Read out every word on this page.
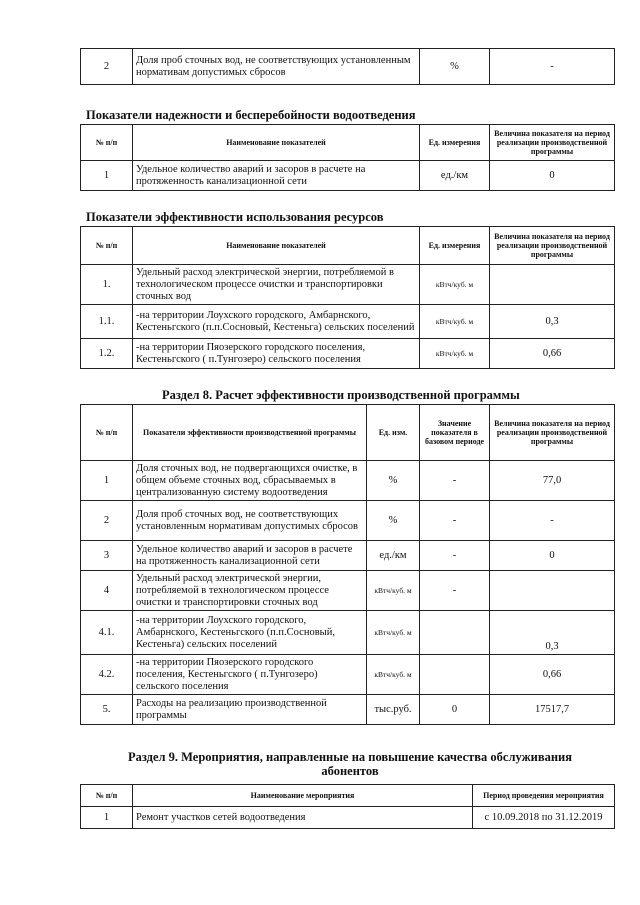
2	Доля проб сточных вод, не соответствующих установленным нормативам допустимых сбросов	%	-
Показатели надежности и бесперебойности водоотведения
№ п/п	Наименование показателей	Ед. измерения	Величина показателя на период реализации производственной программы
1	Удельное количество аварий и засоров в расчете на протяженность канализационной сети	ед./км	0
Показатели эффективности использования ресурсов
№ п/п	Наименование показателей	Ед. измерения	Величина показателя на период реализации производственной программы
1.	Удельный расход электрической энергии, потребляемой в технологическом процессе очистки и транспортировки сточных вод	кВтч/куб. м	
1.1.	-на территории Лоухского городского, Амбарнского, Кестеньгского (п.п.Сосновый, Кестеньга) сельских поселений	кВтч/куб. м	0,3
1.2.	-на территории Пяозерского городского поселения, Кестеньгского ( п.Тунгозеро) сельского поселения	кВтч/куб. м	0,66
Раздел 8. Расчет эффективности производственной программы
№ п/п	Показатели эффективности производственной программы	Ед. изм.	Значение показателя в базовом периоде	Величина показателя на период реализации производственной программы
1	Доля сточных вод, не подвергающихся очистке, в общем объеме сточных вод, сбрасываемых в централизованную систему водоотведения	%	-	77,0
2	Доля проб сточных вод, не соответствующих установленным нормативам допустимых сбросов	%	-	-
3	Удельное количество аварий и засоров в расчете на протяженность канализационной сети	ед./км	-	0
4	Удельный расход электрической энергии, потребляемой в технологическом процессе очистки и транспортировки сточных вод	кВтч/куб. м	-	
4.1.	-на территории Лоухского городского, Амбарнского, Кестеньгского (п.п.Сосновый, Кестеньга) сельских поселений	кВтч/куб. м		0,3
4.2.	-на территории Пяозерского городского поселения, Кестеньгского ( п.Тунгозеро) сельского поселения	кВтч/куб. м		0,66
5.	Расходы на реализацию производственной программы	тыс.руб.	0	17517,7
Раздел 9. Мероприятия, направленные на повышение качества обслуживания абонентов
№ п/п	Наименование мероприятия	Период проведения мероприятия
1	Ремонт участков сетей водоотведения	с 10.09.2018 по 31.12.2019
